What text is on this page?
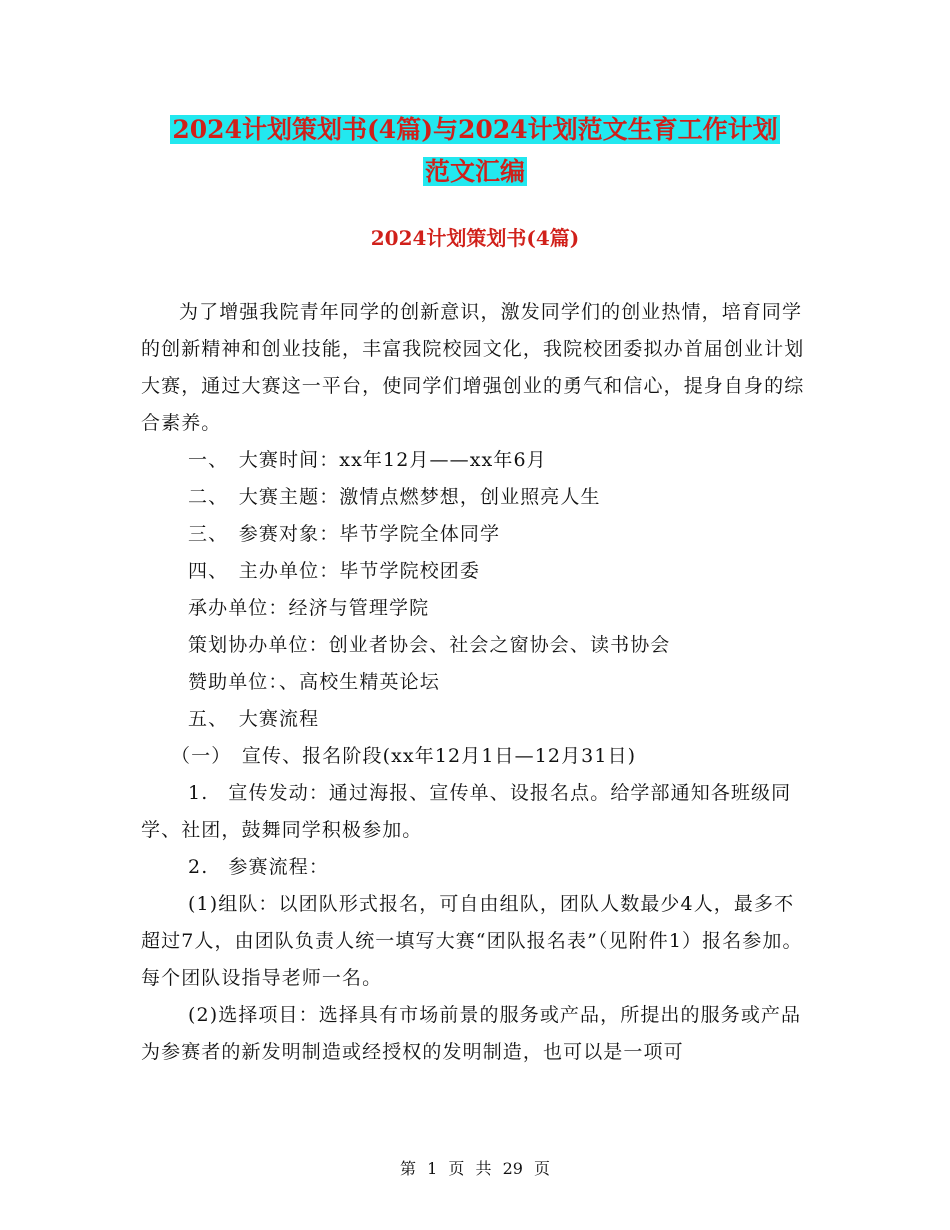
2024计划策划书(4篇)与2024计划范文生育工作计划
范文汇编
2024计划策划书(4篇)

为了增强我院青年同学的创新意识，激发同学们的创业热情，培育同学的创新精神和创业技能，丰富我院校园文化，我院校团委拟办首届创业计划大赛，通过大赛这一平台，使同学们增强创业的勇气和信心，提身自身的综合素养。

一、　大赛时间：xx年12月——xx年6月

二、　大赛主题：激情点燃梦想，创业照亮人生

三、　参赛对象：毕节学院全体同学

四、　主办单位：毕节学院校团委

承办单位：经济与管理学院

策划协办单位：创业者协会、社会之窗协会、读书协会

赞助单位：、高校生精英论坛

五、　大赛流程

（一）　宣传、报名阶段(xx年12月1日—12月31日)

1.　宣传发动：通过海报、宣传单、设报名点。给学部通知各班级同学、社团，鼓舞同学积极参加。

2.　参赛流程：

(1)组队：以团队形式报名，可自由组队，团队人数最少4人，最多不超过7人，由团队负责人统一填写大赛“团队报名表”（见附件1）报名参加。每个团队设指导老师一名。

(2)选择项目：选择具有市场前景的服务或产品，所提出的服务或产品为参赛者的新发明制造或经授权的发明制造，也可以是一项可

第 1 页 共 29 页
